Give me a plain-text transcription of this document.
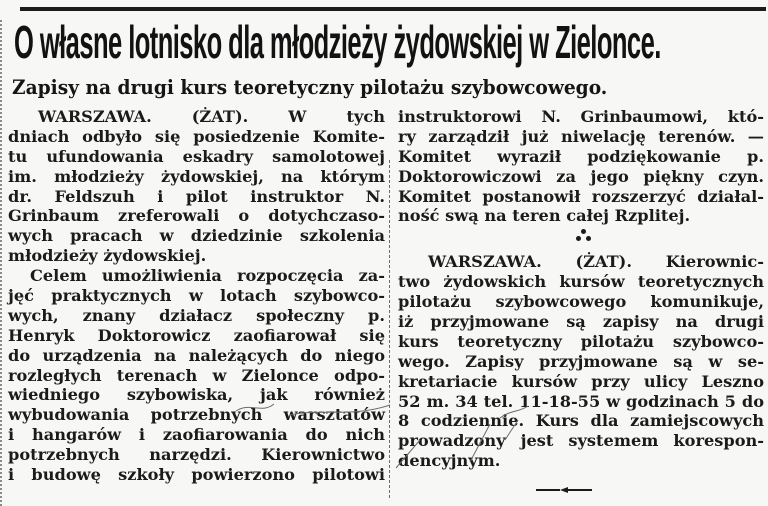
O własne lotnisko dla młodzieży żydowskiej w Zielonce.
Zapisy na drugi kurs teoretyczny pilotażu szybowcowego.
WARSZAWA. (ŻAT). W tych
dniach odbyło się posiedzenie Komite-
tu ufundowania eskadry samolotowej
im. młodzieży żydowskiej, na którym
dr. Feldszuh i pilot instruktor N.
Grinbaum zreferowali o dotychczaso-
wych pracach w dziedzinie szkolenia
młodzieży żydowskiej.
Celem umożliwienia rozpoczęcia za-
jęć praktycznych w lotach szybowco-
wych, znany działacz społeczny p.
Henryk Doktorowicz zaofiarował się
do urządzenia na należących do niego
rozległych terenach w Zielonce odpo-
wiedniego szybowiska, jak również
wybudowania potrzebnych warsztatów
i hangarów i zaofiarowania do nich
potrzebnych narzędzi. Kierownictwo
i budowę szkoły powierzono pilotowi
instruktorowi N. Grinbaumowi, któ-
ry zarządził już niwelację terenów. —
Komitet wyraził podziękowanie p.
Doktorowiczowi za jego piękny czyn.
Komitet postanowił rozszerzyć działal-
ność swą na teren całej Rzplitej.
WARSZAWA. (ŻAT). Kierownic-
two żydowskich kursów teoretycznych
pilotażu szybowcowego komunikuje,
iż przyjmowane są zapisy na drugi
kurs teoretyczny pilotażu szybowco-
wego. Zapisy przyjmowane są w se-
kretariacie kursów przy ulicy Leszno
52 m. 34 tel. 11-18-55 w godzinach 5 do
8 codziennie. Kurs dla zamiejscowych
prowadzony jest systemem korespon-
dencyjnym.
